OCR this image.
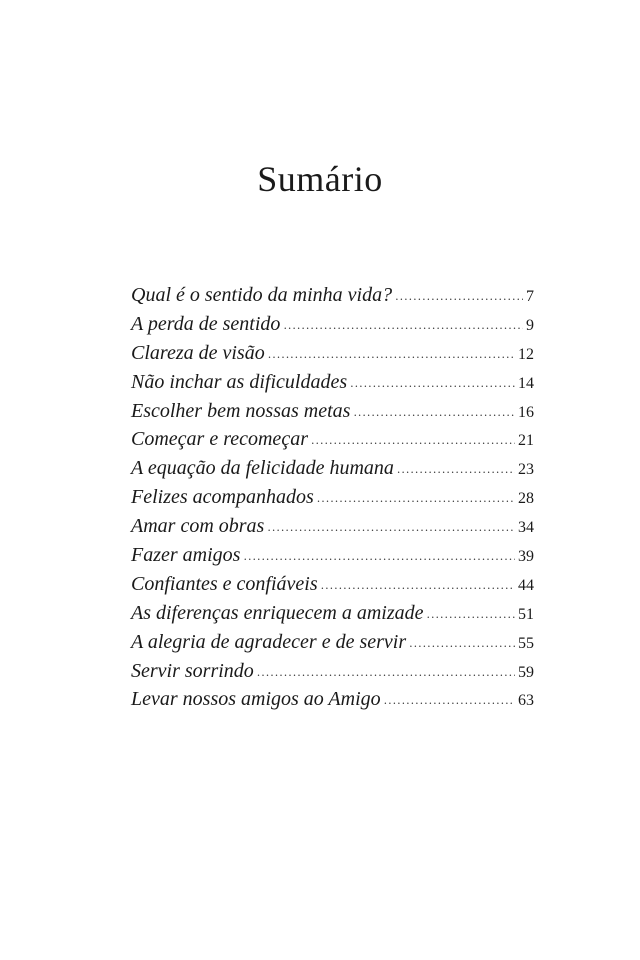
Sumário
Qual é o sentido da minha vida? .....	7
A perda de sentido .....	9
Clareza de visão .....	12
Não inchar as dificuldades .....	14
Escolher bem nossas metas .....	16
Começar e recomeçar .....	21
A equação da felicidade humana .....	23
Felizes acompanhados .....	28
Amar com obras .....	34
Fazer amigos .....	39
Confiantes e confiáveis .....	44
As diferenças enriquecem a amizade .....	51
A alegria de agradecer e de servir .....	55
Servir sorrindo .....	59
Levar nossos amigos ao Amigo .....	63
